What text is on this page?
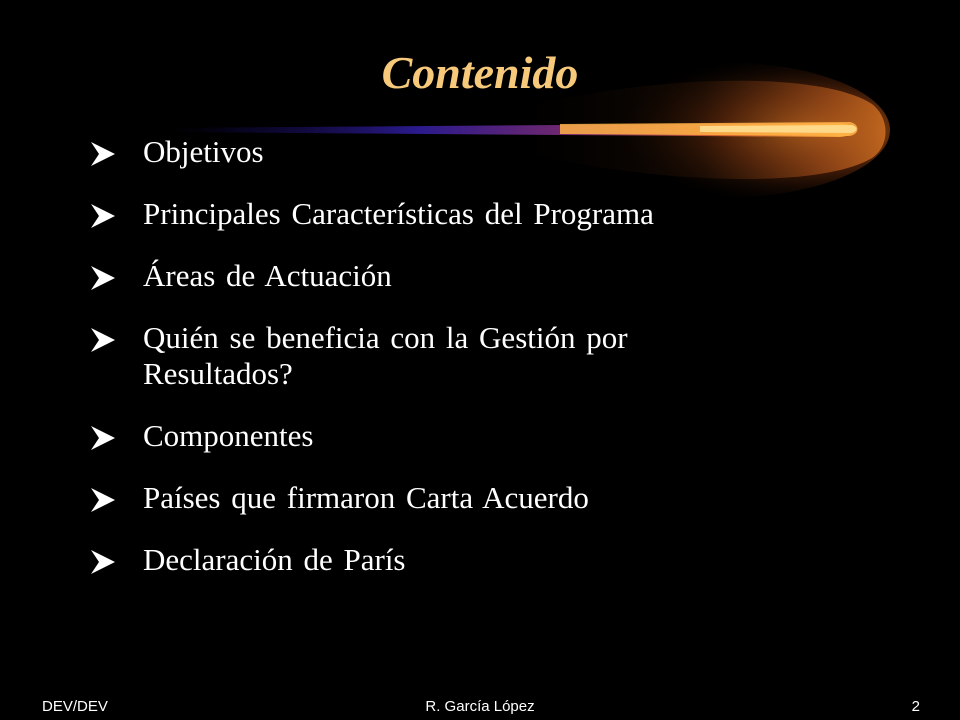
Contenido
Objetivos
Principales Características del Programa
Áreas de Actuación
Quién se beneficia con la Gestión por Resultados?
Componentes
Países que firmaron Carta Acuerdo
Declaración de París
DEV/DEV	R. García López	2
